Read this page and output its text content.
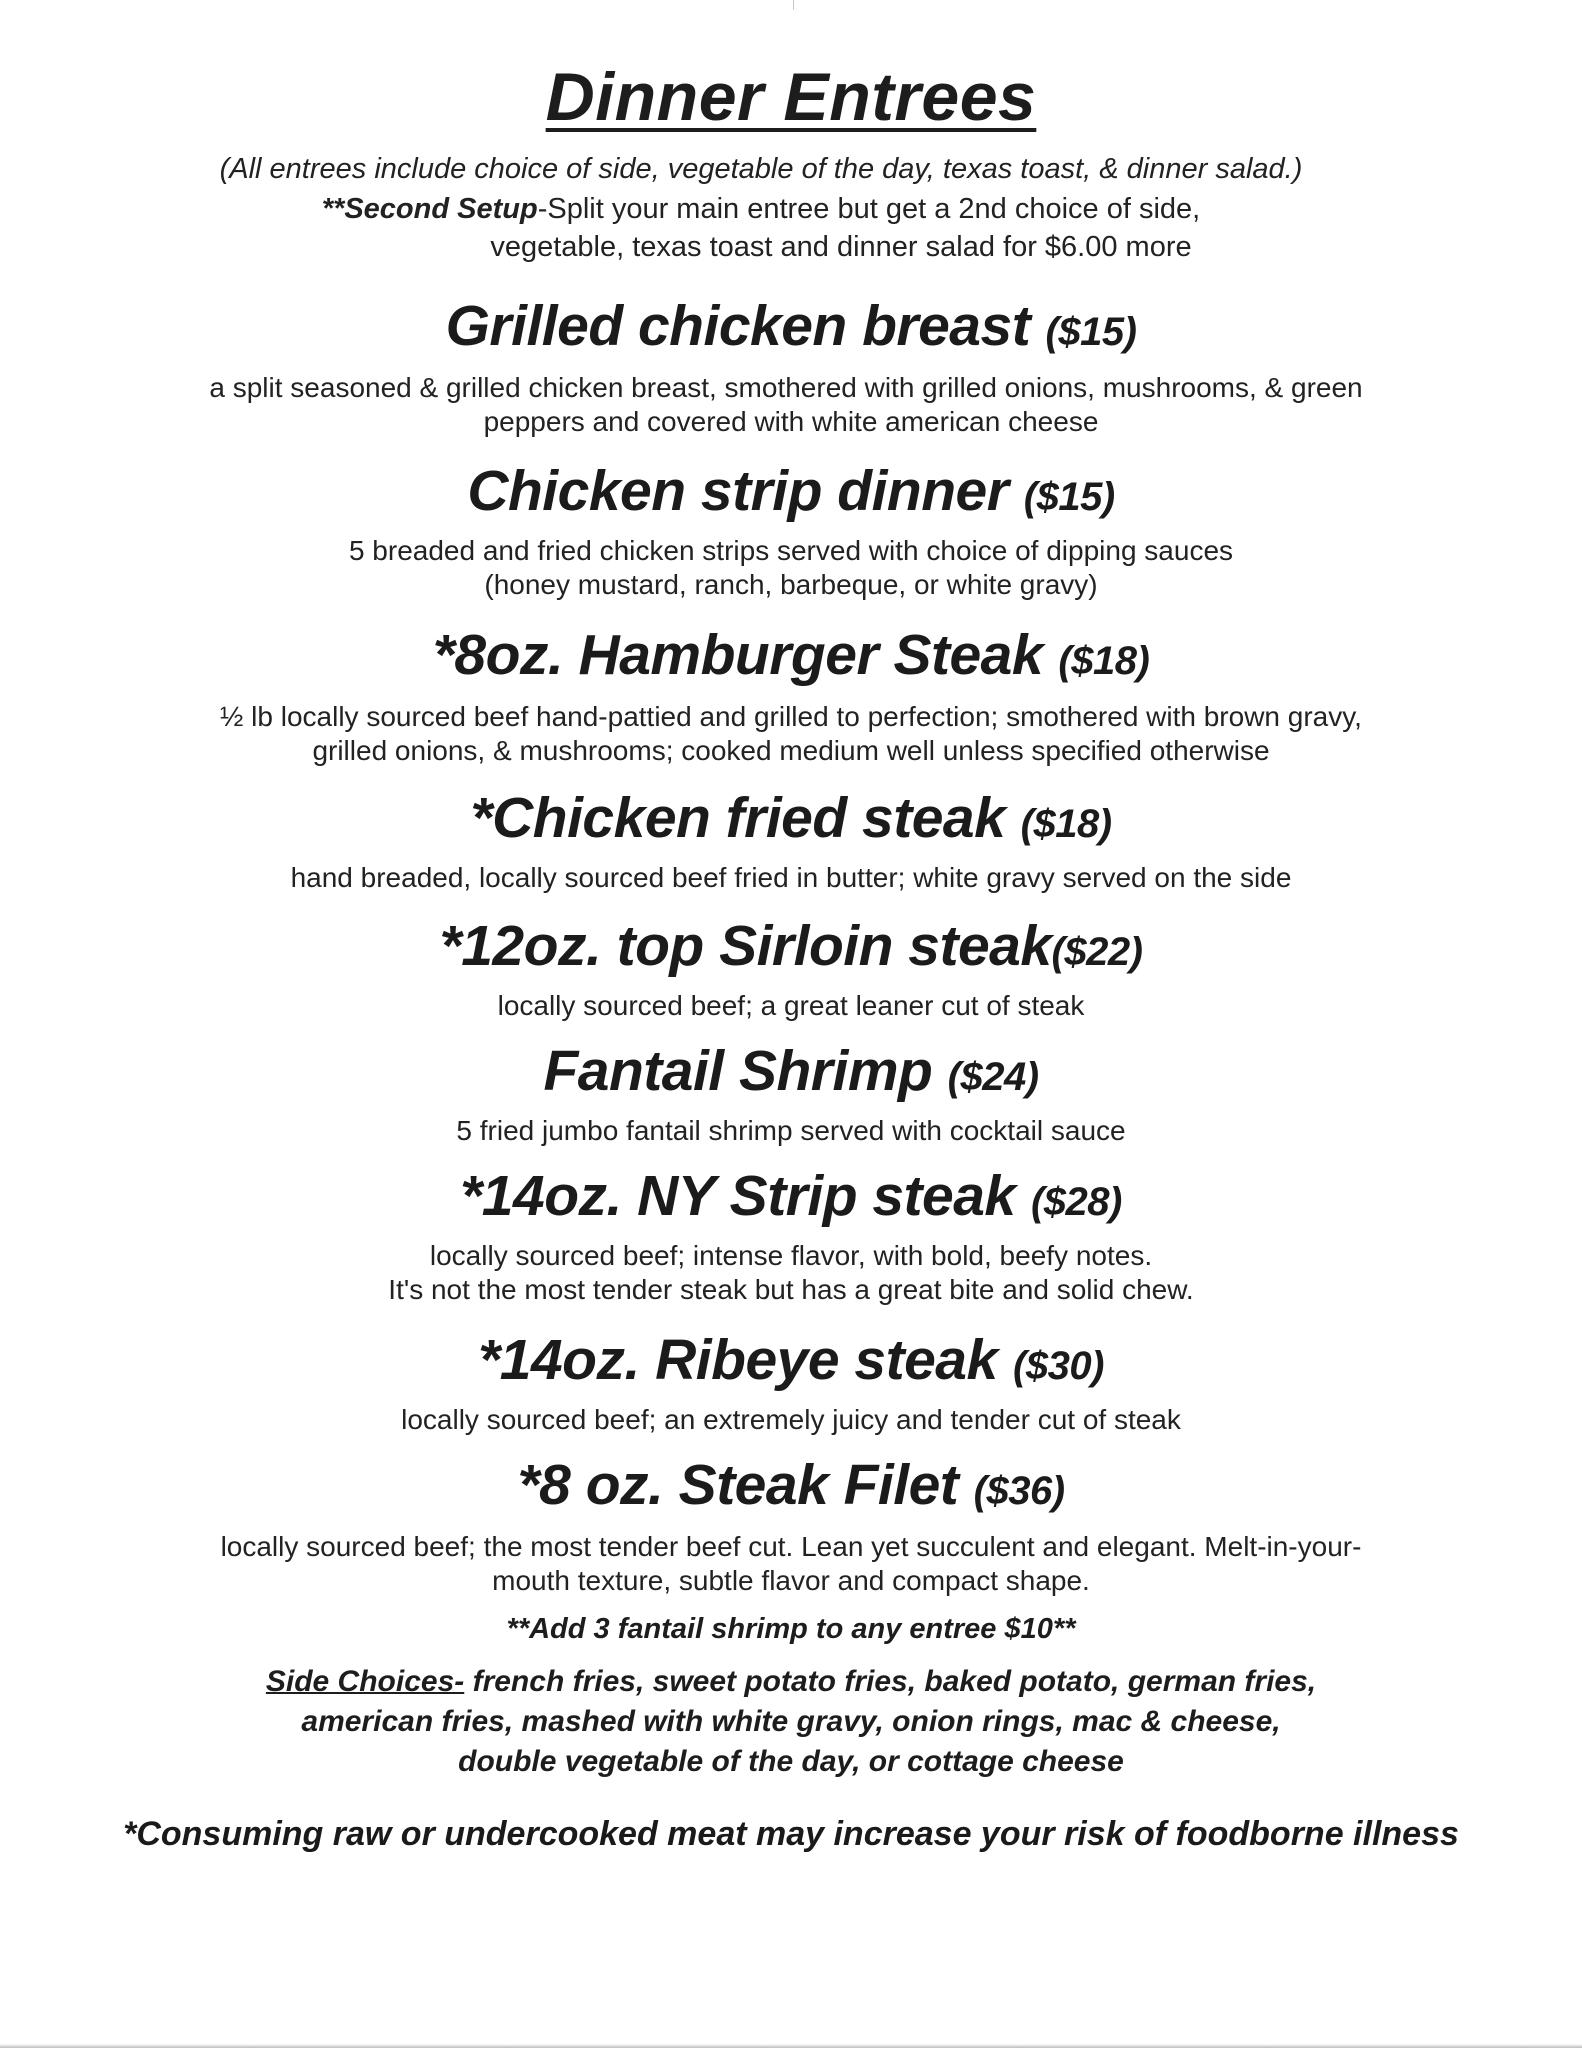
Dinner Entrees
(All entrees include choice of side, vegetable of the day, texas toast, & dinner salad.)
**Second Setup-Split your main entree but get a 2nd choice of side,
vegetable, texas toast and dinner salad for $6.00 more
Grilled chicken breast ($15)
a split seasoned & grilled chicken breast, smothered with grilled onions, mushrooms, & green
peppers and covered with white american cheese
Chicken strip dinner ($15)
5 breaded and fried chicken strips served with choice of dipping sauces
(honey mustard, ranch, barbeque, or white gravy)
*8oz. Hamburger Steak ($18)
½ lb locally sourced beef hand-pattied and grilled to perfection; smothered with brown gravy,
grilled onions, & mushrooms; cooked medium well unless specified otherwise
*Chicken fried steak ($18)
hand breaded, locally sourced beef fried in butter; white gravy served on the side
*12oz. top Sirloin steak($22)
locally sourced beef; a great leaner cut of steak
Fantail Shrimp ($24)
5 fried jumbo fantail shrimp served with cocktail sauce
*14oz. NY Strip steak ($28)
locally sourced beef; intense flavor, with bold, beefy notes.
It's not the most tender steak but has a great bite and solid chew.
*14oz. Ribeye steak ($30)
locally sourced beef; an extremely juicy and tender cut of steak
*8 oz. Steak Filet ($36)
locally sourced beef; the most tender beef cut. Lean yet succulent and elegant. Melt-in-your-
mouth texture, subtle flavor and compact shape.
**Add 3 fantail shrimp to any entree $10**
Side Choices- french fries, sweet potato fries, baked potato, german fries,
american fries, mashed with white gravy, onion rings, mac & cheese,
double vegetable of the day, or cottage cheese
*Consuming raw or undercooked meat may increase your risk of foodborne illness
